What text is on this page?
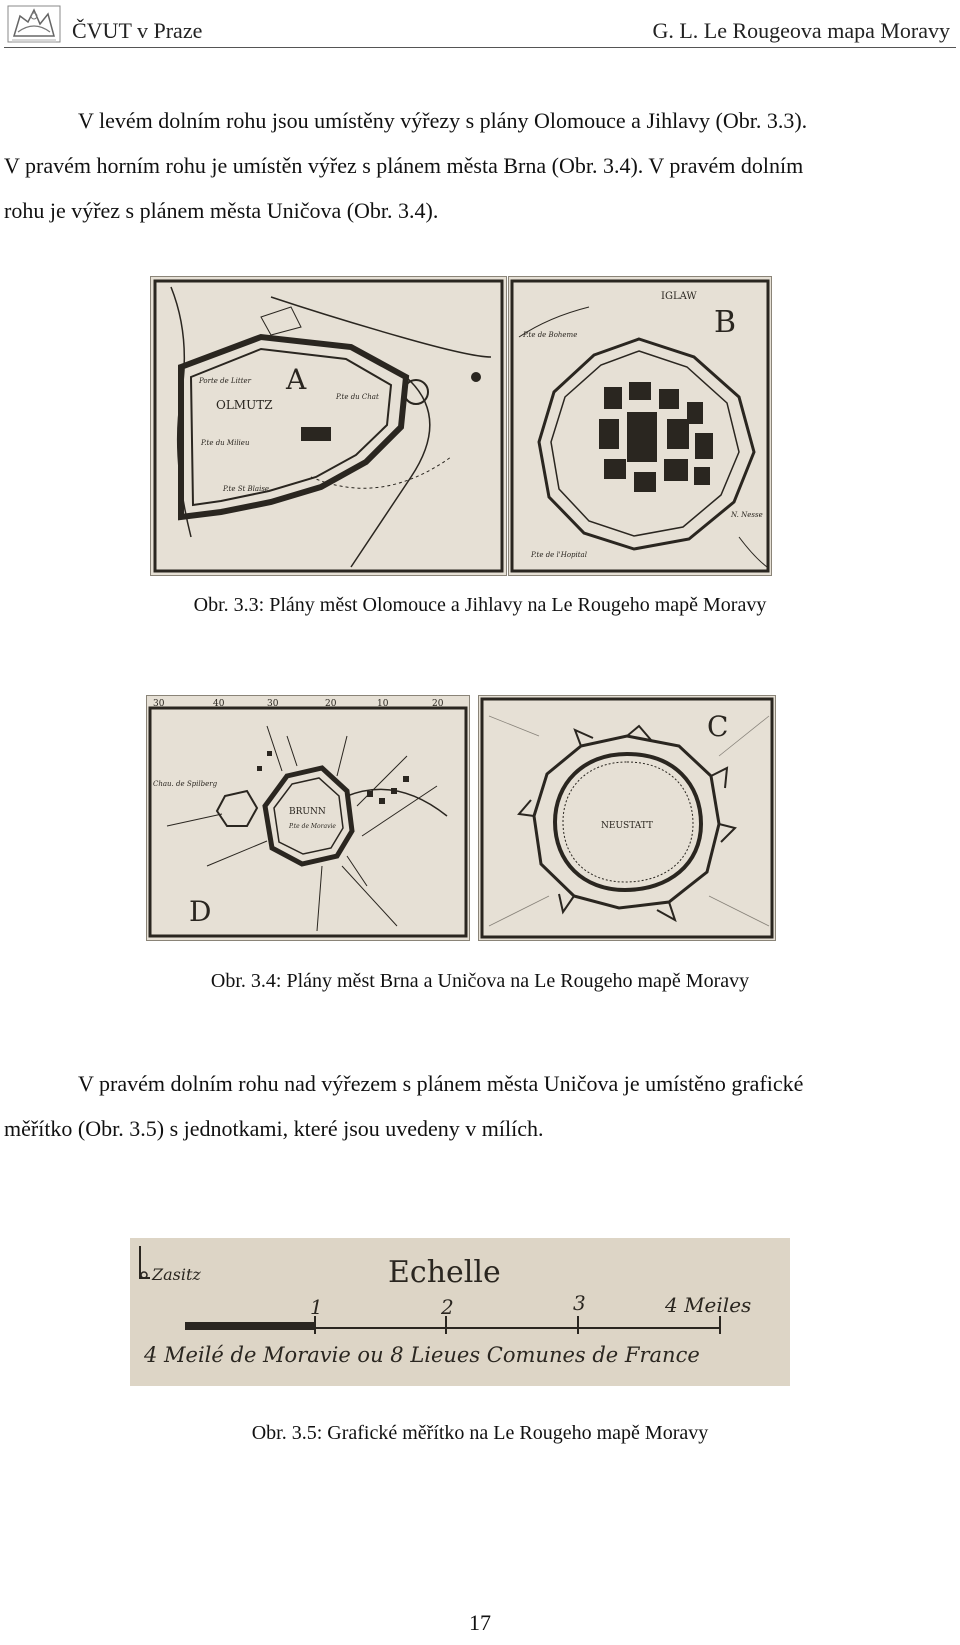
ČVUT v Praze	G. L. Le Rougeova mapa Moravy
V levém dolním rohu jsou umístěny výřezy s plány Olomouce a Jihlavy (Obr. 3.3).
V pravém horním rohu je umístěn výřez s plánem města Brna (Obr. 3.4). V pravém dolním
rohu je výřez s plánem města Uničova (Obr. 3.4).
A
OLMUTZ
Porte de Litter
P.te du Milieu
P.te du Chat
P.te St Blaise
B
IGLAW
P.te de Boheme
P.te de l'Hopital
N. Nesse
Obr. 3.3: Plány měst Olomouce a Jihlavy na Le Rougeho mapě Moravy
30	40	30	20	10	20
D
BRUNN
Chau. de Spilberg
P.te de Moravie
C
NEUSTATT
Obr. 3.4: Plány měst Brna a Uničova na Le Rougeho mapě Moravy
V pravém dolním rohu nad výřezem s plánem města Uničova je umístěno grafické
měřítko (Obr. 3.5) s jednotkami, které jsou uvedeny v mílích.
Zasitz	Echelle
1	2	3	4 Meiles
4 Meilé de Moravie ou 8 Lieues Comunes de France
Obr. 3.5: Grafické měřítko na Le Rougeho mapě Moravy
17
